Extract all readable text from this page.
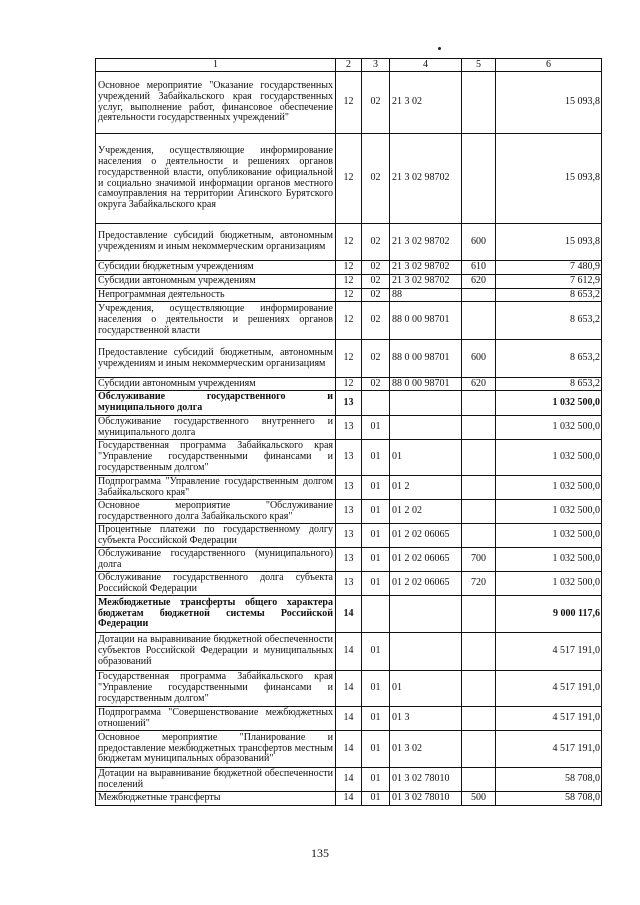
1	2	3	4	5	6
Основное мероприятие "Оказание государственных учреждений Забайкальского края государственных услуг, выполнение работ, финансовое обеспечение деятельности государственных учреждений"	12	02	21 3 02		15 093,8
Учреждения, осуществляющие информирование населения о деятельности и решениях органов государственной власти, опубликование официальной и социально значимой информации органов местного самоуправления на территории Агинского Бурятского округа Забайкальского края	12	02	21 3 02 98702		15 093,8
Предоставление субсидий бюджетным, автономным учреждениям и иным некоммерческим организациям	12	02	21 3 02 98702	600	15 093,8
Субсидии бюджетным учреждениям	12	02	21 3 02 98702	610	7 480,9
Субсидии автономным учреждениям	12	02	21 3 02 98702	620	7 612,9
Непрограммная деятельность	12	02	88		8 653,2
Учреждения, осуществляющие информирование населения о деятельности и решениях органов государственной власти	12	02	88 0 00 98701		8 653,2
Предоставление субсидий бюджетным, автономным учреждениям и иным некоммерческим организациям	12	02	88 0 00 98701	600	8 653,2
Субсидии автономным учреждениям	12	02	88 0 00 98701	620	8 653,2
Обслуживание государственного и муниципального долга	13				1 032 500,0
Обслуживание государственного внутреннего и муниципального долга	13	01			1 032 500,0
Государственная программа Забайкальского края "Управление государственными финансами и государственным долгом"	13	01	01		1 032 500,0
Подпрограмма "Управление государственным долгом Забайкальского края"	13	01	01 2		1 032 500,0
Основное мероприятие "Обслуживание государственного долга Забайкальского края"	13	01	01 2 02		1 032 500,0
Процентные платежи по государственному долгу субъекта Российской Федерации	13	01	01 2 02 06065		1 032 500,0
Обслуживание государственного (муниципального) долга	13	01	01 2 02 06065	700	1 032 500,0
Обслуживание государственного долга субъекта Российской Федерации	13	01	01 2 02 06065	720	1 032 500,0
Межбюджетные трансферты общего характера бюджетам бюджетной системы Российской Федерации	14				9 000 117,6
Дотации на выравнивание бюджетной обеспеченности субъектов Российской Федерации и муниципальных образований	14	01			4 517 191,0
Государственная программа Забайкальского края "Управление государственными финансами и государственным долгом"	14	01	01		4 517 191,0
Подпрограмма "Совершенствование межбюджетных отношений"	14	01	01 3		4 517 191,0
Основное мероприятие "Планирование и предоставление межбюджетных трансфертов местным бюджетам муниципальных образований"	14	01	01 3 02		4 517 191,0
Дотации на выравнивание бюджетной обеспеченности поселений	14	01	01 3 02 78010		58 708,0
Межбюджетные трансферты	14	01	01 3 02 78010	500	58 708,0
135
